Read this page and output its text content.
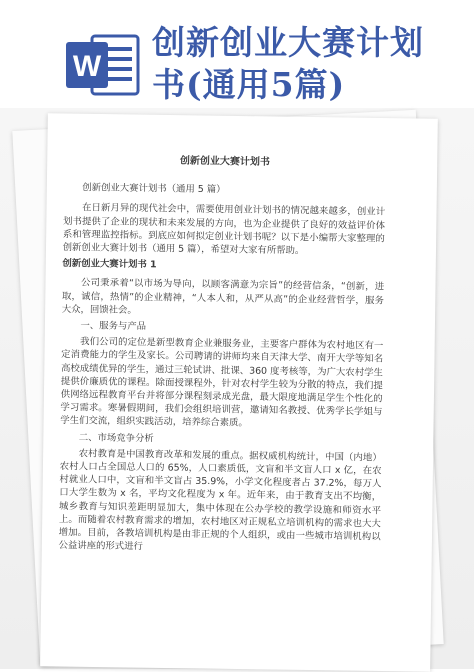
W
创新创业大赛计划
书(通用5篇)
创新创业大赛计划书

创新创业大赛计划书（通用 5 篇）

在日新月异的现代社会中，需要使用创业计划书的情况越来越多，创业计划书提供了企业的现状和未来发展的方向，也为企业提供了良好的效益评价体系和管理监控指标。到底应如何拟定创业计划书呢？以下是小编帮大家整理的创新创业大赛计划书（通用 5 篇），希望对大家有所帮助。

创新创业大赛计划书 1

公司秉承着“以市场为导向，以顾客满意为宗旨”的经营信条，“创新，进取，诚信，热情”的企业精神，“人本人和，从严从高”的企业经营哲学，服务大众，回馈社会。

一、服务与产品

我们公司的定位是新型教育企业兼服务业，主要客户群体为农村地区有一定消费能力的学生及家长。公司聘请的讲师均来自天津大学、南开大学等知名高校成绩优异的学生，通过三轮试讲、批课、360 度考核等，为广大农村学生提供价廉质优的课程。除面授课程外，针对农村学生较为分散的特点，我们提供网络远程教育平台并将部分课程刻录成光盘，最大限度地满足学生个性化的学习需求。寒暑假期间，我们会组织培训营，邀请知名教授、优秀学长学姐与学生们交流，组织实践活动，培养综合素质。

二、市场竞争分析

农村教育是中国教育改革和发展的重点。据权威机构统计，中国（内地）农村人口占全国总人口的 65%，人口素质低，文盲和半文盲人口 x 亿，在农村就业人口中，文盲和半文盲占 35.9%，小学文化程度者占 37.2%，每万人口大学生数为 x 名，平均文化程度为 x 年。近年来，由于教育支出不均衡，城乡教育与知识差距明显加大，集中体现在公办学校的教学设施和师资水平上。而随着农村教育需求的增加，农村地区对正规私立培训机构的需求也大大增加。目前，各教培训机构是由非正规的个人组织，或由一些城市培训机构以公益讲座的形式进行
